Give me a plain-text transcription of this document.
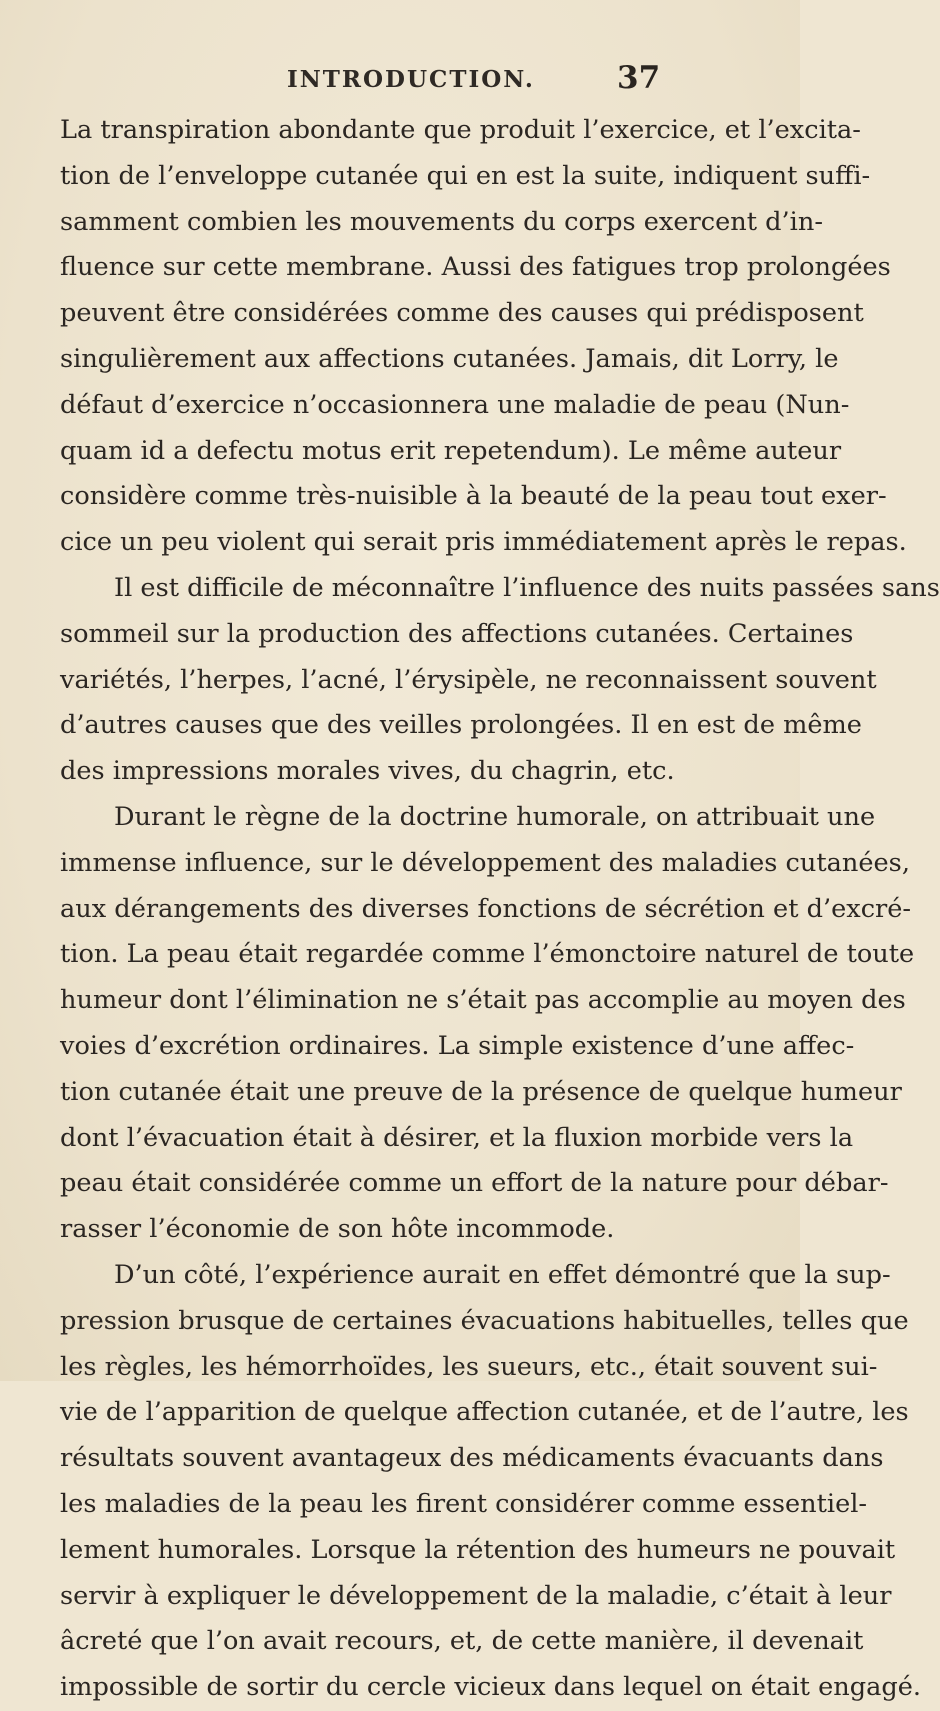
INTRODUCTION.	37
La transpiration abondante que produit l’exercice, et l’excita-
tion de l’enveloppe cutanée qui en est la suite, indiquent suffi-
samment combien les mouvements du corps exercent d’in-
fluence sur cette membrane. Aussi des fatigues trop prolongées
peuvent être considérées comme des causes qui prédisposent
singulièrement aux affections cutanées. Jamais, dit Lorry, le
défaut d’exercice n’occasionnera une maladie de peau (Nun-
quam id a defectu motus erit repetendum). Le même auteur
considère comme très-nuisible à la beauté de la peau tout exer-
cice un peu violent qui serait pris immédiatement après le repas.
Il est difficile de méconnaître l’influence des nuits passées sans
sommeil sur la production des affections cutanées. Certaines
variétés, l’herpes, l’acné, l’érysipèle, ne reconnaissent souvent
d’autres causes que des veilles prolongées. Il en est de même
des impressions morales vives, du chagrin, etc.
Durant le règne de la doctrine humorale, on attribuait une
immense influence, sur le développement des maladies cutanées,
aux dérangements des diverses fonctions de sécrétion et d’excré-
tion. La peau était regardée comme l’émonctoire naturel de toute
humeur dont l’élimination ne s’était pas accomplie au moyen des
voies d’excrétion ordinaires. La simple existence d’une affec-
tion cutanée était une preuve de la présence de quelque humeur
dont l’évacuation était à désirer, et la fluxion morbide vers la
peau était considérée comme un effort de la nature pour débar-
rasser l’économie de son hôte incommode.
D’un côté, l’expérience aurait en effet démontré que la sup-
pression brusque de certaines évacuations habituelles, telles que
les règles, les hémorrhoïdes, les sueurs, etc., était souvent sui-
vie de l’apparition de quelque affection cutanée, et de l’autre, les
résultats souvent avantageux des médicaments évacuants dans
les maladies de la peau les firent considérer comme essentiel-
lement humorales. Lorsque la rétention des humeurs ne pouvait
servir à expliquer le développement de la maladie, c’était à leur
âcreté que l’on avait recours, et, de cette manière, il devenait
impossible de sortir du cercle vicieux dans lequel on était engagé.
